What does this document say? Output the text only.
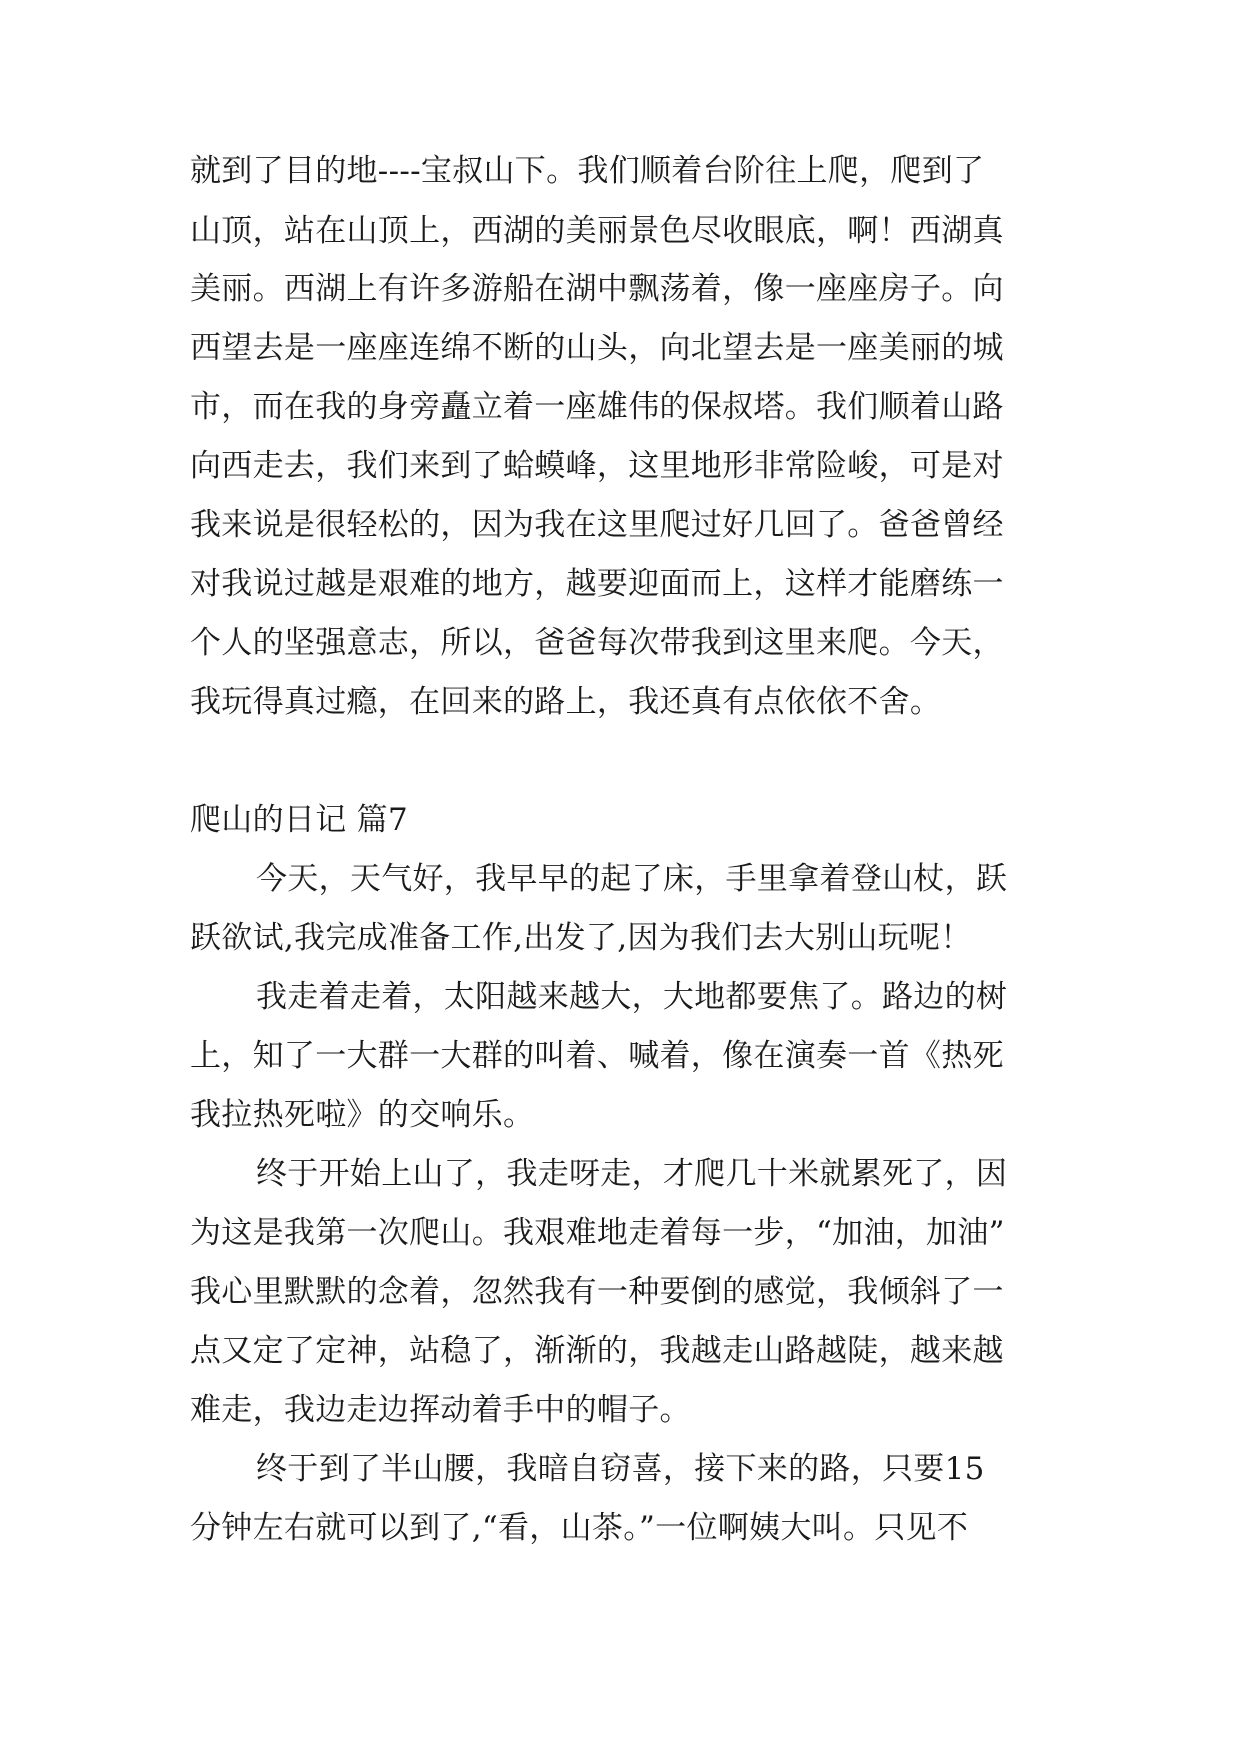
就到了目的地----宝叔山下。我们顺着台阶往上爬，爬到了
山顶，站在山顶上，西湖的美丽景色尽收眼底，啊！西湖真
美丽。西湖上有许多游船在湖中飘荡着，像一座座房子。向
西望去是一座座连绵不断的山头，向北望去是一座美丽的城
市，而在我的身旁矗立着一座雄伟的保叔塔。我们顺着山路
向西走去，我们来到了蛤蟆峰，这里地形非常险峻，可是对
我来说是很轻松的，因为我在这里爬过好几回了。爸爸曾经
对我说过越是艰难的地方，越要迎面而上，这样才能磨练一
个人的坚强意志，所以，爸爸每次带我到这里来爬。今天，
我玩得真过瘾，在回来的路上，我还真有点依依不舍。
爬山的日记 篇7
今天，天气好，我早早的起了床，手里拿着登山杖，跃
跃欲试,我完成准备工作,出发了,因为我们去大别山玩呢！
我走着走着，太阳越来越大，大地都要焦了。路边的树
上，知了一大群一大群的叫着、喊着，像在演奏一首《热死
我拉热死啦》的交响乐。
终于开始上山了，我走呀走，才爬几十米就累死了，因
为这是我第一次爬山。我艰难地走着每一步，“加油，加油”
我心里默默的念着，忽然我有一种要倒的感觉，我倾斜了一
点又定了定神，站稳了，渐渐的，我越走山路越陡，越来越
难走，我边走边挥动着手中的帽子。
终于到了半山腰，我暗自窃喜，接下来的路，只要15
分钟左右就可以到了,“看，山茶。”一位啊姨大叫。只见不
